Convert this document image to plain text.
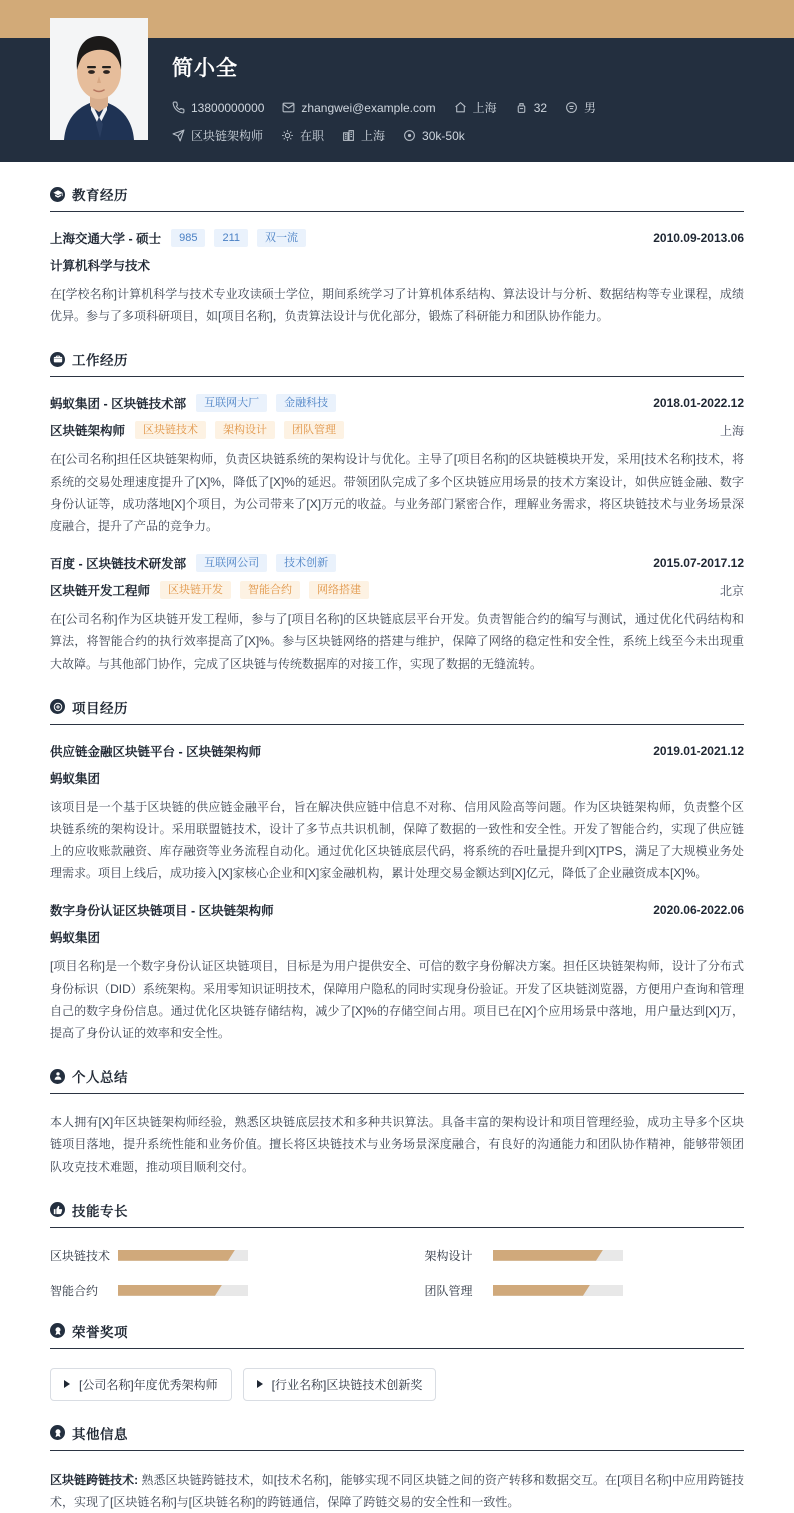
简小全
13800000000	zhangwei@example.com	上海	32	男
区块链架构师	在职	上海	30k-50k
教育经历
上海交通大学 - 硕士	985	211	双一流	2010.09-2013.06
计算机科学与技术
在[学校名称]计算机科学与技术专业攻读硕士学位，期间系统学习了计算机体系结构、算法设计与分析、数据结构等专业课程，成绩优异。参与了多项科研项目，如[项目名称]，负责算法设计与优化部分，锻炼了科研能力和团队协作能力。
工作经历
蚂蚁集团 - 区块链技术部	互联网大厂	金融科技	2018.01-2022.12
区块链架构师	区块链技术	架构设计	团队管理	上海
在[公司名称]担任区块链架构师，负责区块链系统的架构设计与优化。主导了[项目名称]的区块链模块开发，采用[技术名称]技术，将系统的交易处理速度提升了[X]%，降低了[X]%的延迟。带领团队完成了多个区块链应用场景的技术方案设计，如供应链金融、数字身份认证等，成功落地[X]个项目，为公司带来了[X]万元的收益。与业务部门紧密合作，理解业务需求，将区块链技术与业务场景深度融合，提升了产品的竞争力。
百度 - 区块链技术研发部	互联网公司	技术创新	2015.07-2017.12
区块链开发工程师	区块链开发	智能合约	网络搭建	北京
在[公司名称]作为区块链开发工程师，参与了[项目名称]的区块链底层平台开发。负责智能合约的编写与测试，通过优化代码结构和算法，将智能合约的执行效率提高了[X]%。参与区块链网络的搭建与维护，保障了网络的稳定性和安全性，系统上线至今未出现重大故障。与其他部门协作，完成了区块链与传统数据库的对接工作，实现了数据的无缝流转。
项目经历
供应链金融区块链平台 - 区块链架构师	2019.01-2021.12
蚂蚁集团
该项目是一个基于区块链的供应链金融平台，旨在解决供应链中信息不对称、信用风险高等问题。作为区块链架构师，负责整个区块链系统的架构设计。采用联盟链技术，设计了多节点共识机制，保障了数据的一致性和安全性。开发了智能合约，实现了供应链上的应收账款融资、库存融资等业务流程自动化。通过优化区块链底层代码，将系统的吞吐量提升到[X]TPS，满足了大规模业务处理需求。项目上线后，成功接入[X]家核心企业和[X]家金融机构，累计处理交易金额达到[X]亿元，降低了企业融资成本[X]%。
数字身份认证区块链项目 - 区块链架构师	2020.06-2022.06
蚂蚁集团
[项目名称]是一个数字身份认证区块链项目，目标是为用户提供安全、可信的数字身份解决方案。担任区块链架构师，设计了分布式身份标识（DID）系统架构。采用零知识证明技术，保障用户隐私的同时实现身份验证。开发了区块链浏览器，方便用户查询和管理自己的数字身份信息。通过优化区块链存储结构，减少了[X]%的存储空间占用。项目已在[X]个应用场景中落地，用户量达到[X]万，提高了身份认证的效率和安全性。
个人总结
本人拥有[X]年区块链架构师经验，熟悉区块链底层技术和多种共识算法。具备丰富的架构设计和项目管理经验，成功主导多个区块链项目落地，提升系统性能和业务价值。擅长将区块链技术与业务场景深度融合，有良好的沟通能力和团队协作精神，能够带领团队攻克技术难题，推动项目顺利交付。
技能专长
区块链技术	架构设计
智能合约	团队管理
荣誉奖项
[公司名称]年度优秀架构师	[行业名称]区块链技术创新奖
其他信息
区块链跨链技术: 熟悉区块链跨链技术，如[技术名称]，能够实现不同区块链之间的资产转移和数据交互。在[项目名称]中应用跨链技术，实现了[区块链名称]与[区块链名称]的跨链通信，保障了跨链交易的安全性和一致性。
